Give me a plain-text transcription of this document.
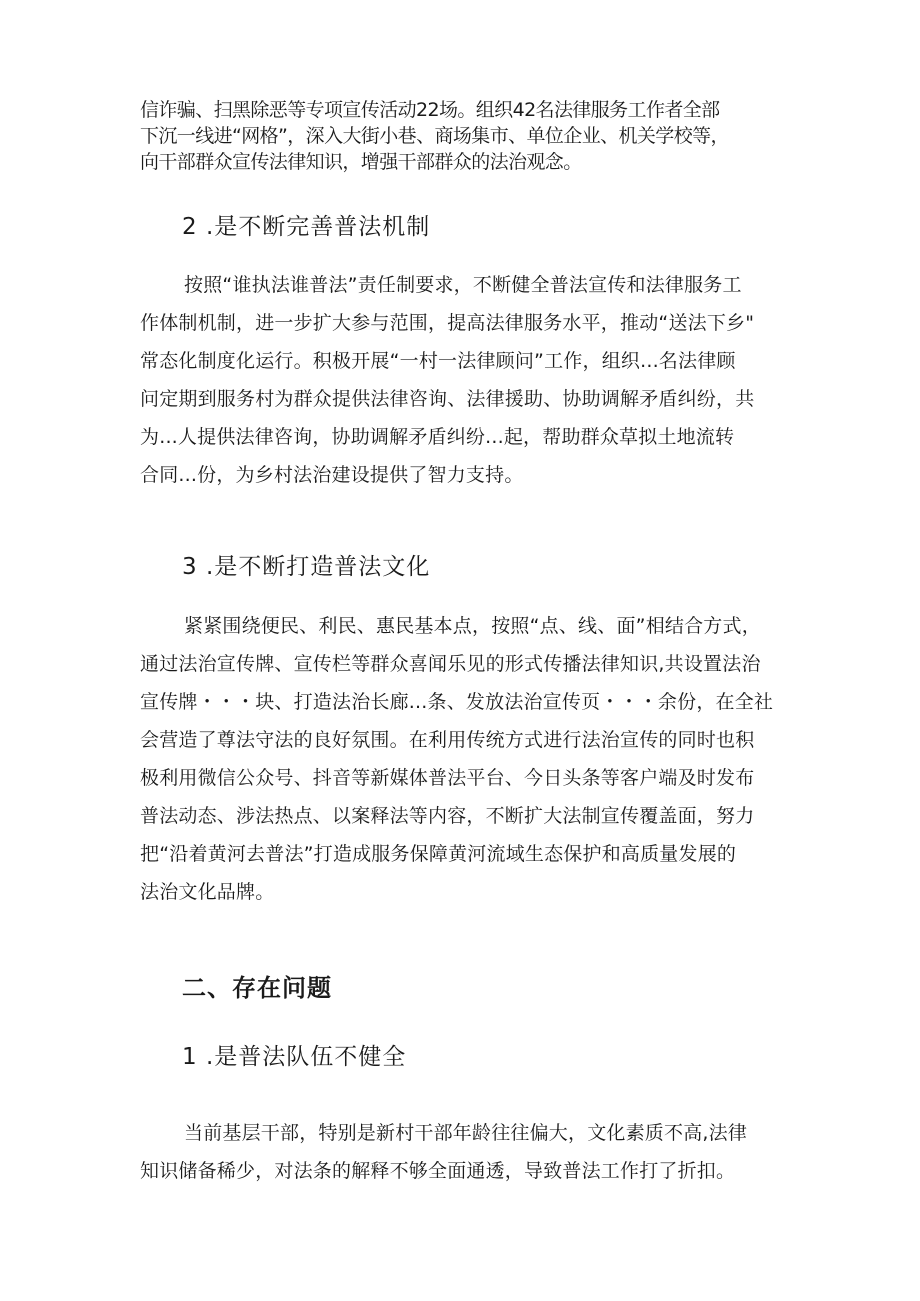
信诈骗、扫黑除恶等专项宣传活动22场。组织42名法律服务工作者全部
下沉一线进“网格”，深入大街小巷、商场集市、单位企业、机关学校等，
向干部群众宣传法律知识，增强干部群众的法治观念。
2 .是不断完善普法机制
按照“谁执法谁普法”责任制要求，不断健全普法宣传和法律服务工
作体制机制，进一步扩大参与范围，提高法律服务水平，推动“送法下乡"
常态化制度化运行。积极开展“一村一法律顾问”工作，组织...名法律顾
问定期到服务村为群众提供法律咨询、法律援助、协助调解矛盾纠纷，共
为...人提供法律咨询，协助调解矛盾纠纷...起，帮助群众草拟土地流转
合同...份，为乡村法治建设提供了智力支持。
3 .是不断打造普法文化
紧紧围绕便民、利民、惠民基本点，按照“点、线、面”相结合方式，
通过法治宣传牌、宣传栏等群众喜闻乐见的形式传播法律知识,共设置法治
宣传牌・・・块、打造法治长廊...条、发放法治宣传页・・・余份，在全社
会营造了尊法守法的良好氛围。在利用传统方式进行法治宣传的同时也积
极利用微信公众号、抖音等新媒体普法平台、今日头条等客户端及时发布
普法动态、涉法热点、以案释法等内容，不断扩大法制宣传覆盖面，努力
把“沿着黄河去普法”打造成服务保障黄河流域生态保护和高质量发展的
法治文化品牌。
二、存在问题
1 .是普法队伍不健全
当前基层干部，特别是新村干部年龄往往偏大，文化素质不高,法律
知识储备稀少，对法条的解释不够全面通透，导致普法工作打了折扣。
